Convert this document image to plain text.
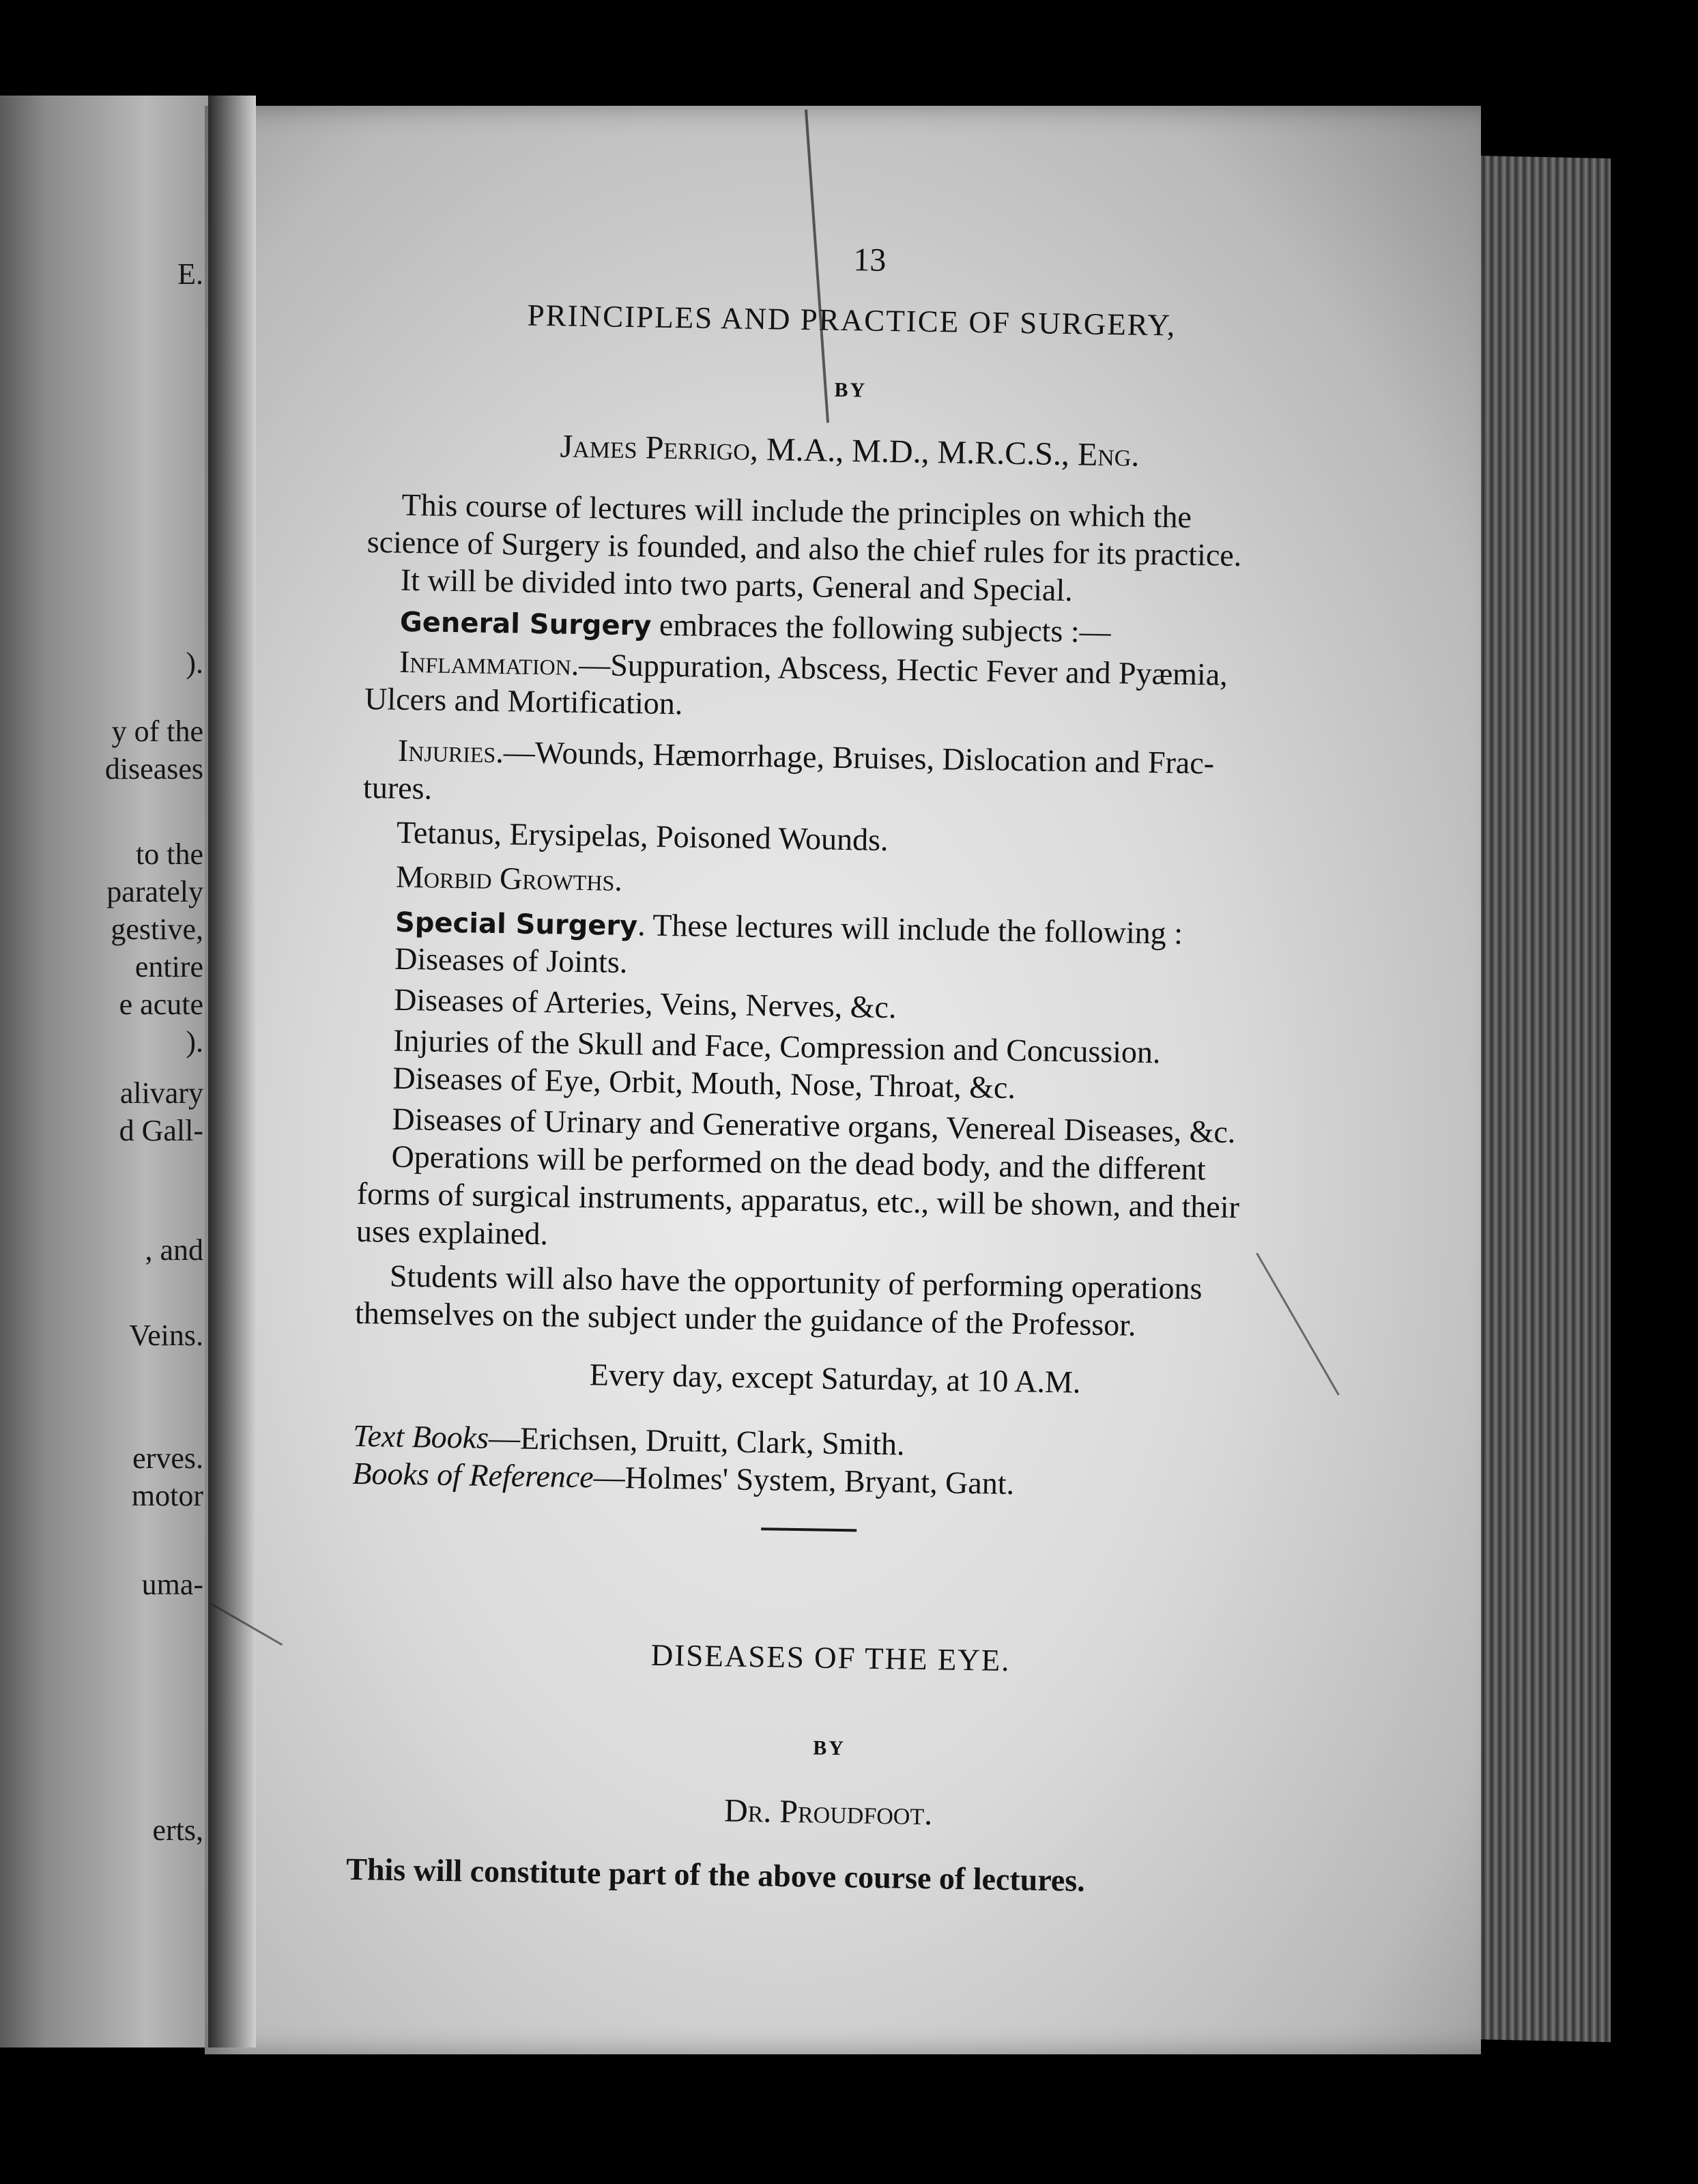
E.
).
y of the
diseases
to the
parately
gestive,
entire
e acute
).
alivary
d Gall-
, and
Veins.
erves.
motor
uma-
erts,
13
PRINCIPLES AND PRACTICE OF SURGERY,
BY
James Perrigo, M.A., M.D., M.R.C.S., Eng.
This course of lectures will include the principles on which the
science of Surgery is founded, and also the chief rules for its practice.
It will be divided into two parts, General and Special.
General Surgery embraces the following subjects :—
Inflammation.—Suppuration, Abscess, Hectic Fever and Pyæmia,
Ulcers and Mortification.
Injuries.—Wounds, Hæmorrhage, Bruises, Dislocation and Frac-
tures.
Tetanus, Erysipelas, Poisoned Wounds.
Morbid Growths.
Special Surgery. These lectures will include the following :
Diseases of Joints.
Diseases of Arteries, Veins, Nerves, &c.
Injuries of the Skull and Face, Compression and Concussion.
Diseases of Eye, Orbit, Mouth, Nose, Throat, &c.
Diseases of Urinary and Generative organs, Venereal Diseases, &c.
Operations will be performed on the dead body, and the different
forms of surgical instruments, apparatus, etc., will be shown, and their
uses explained.
Students will also have the opportunity of performing operations
themselves on the subject under the guidance of the Professor.
Every day, except Saturday, at 10 A.M.
Text Books—Erichsen, Druitt, Clark, Smith.
Books of Reference—Holmes' System, Bryant, Gant.
DISEASES OF THE EYE.
BY
Dr. Proudfoot.
This will constitute part of the above course of lectures.
